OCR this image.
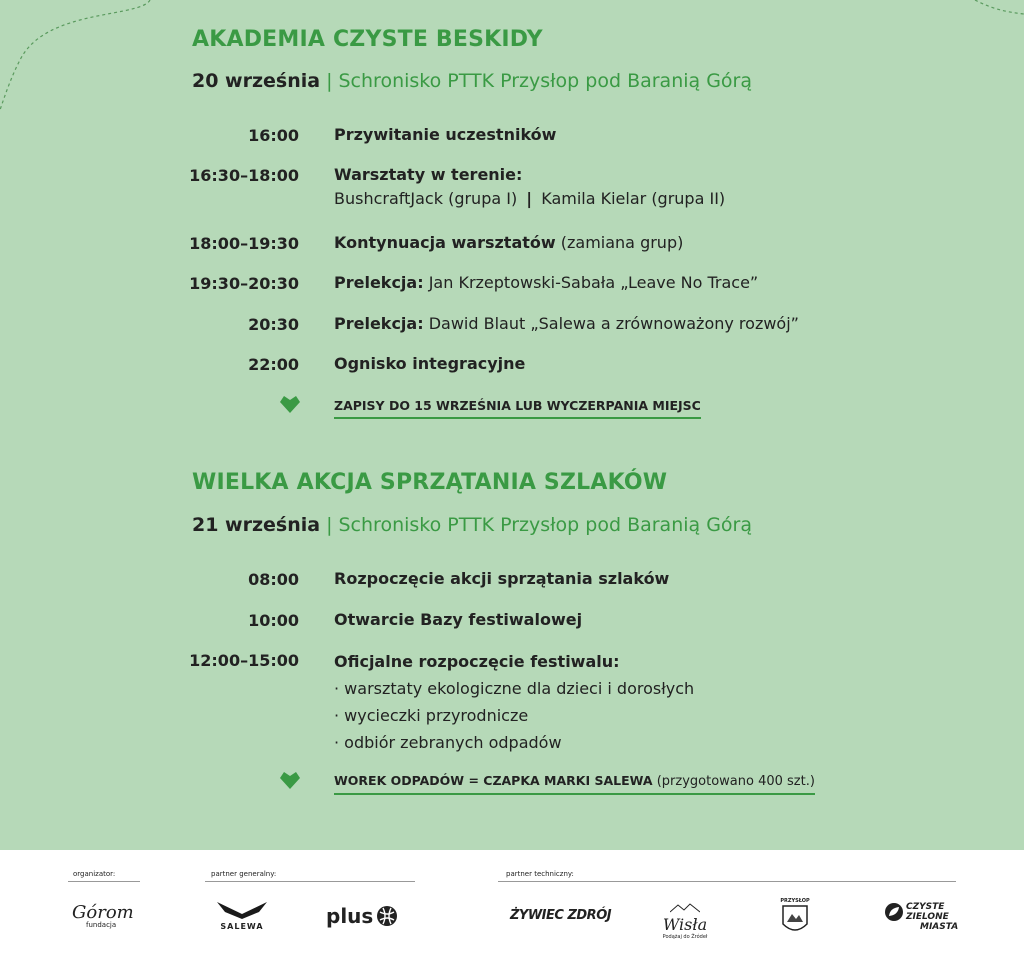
AKADEMIA CZYSTE BESKIDY
20 września | Schronisko PTTK Przysłop pod Baranią Górą
16:00 Przywitanie uczestników
16:30–18:00 Warsztaty w terenie:
BushcraftJack (grupa I) | Kamila Kielar (grupa II)
18:00–19:30 Kontynuacja warsztatów (zamiana grup)
19:30–20:30 Prelekcja: Jan Krzeptowski-Sabała „Leave No Trace”
20:30 Prelekcja: Dawid Blaut „Salewa a zrównoważony rozwój”
22:00 Ognisko integracyjne
ZAPISY DO 15 WRZEŚNIA LUB WYCZERPANIA MIEJSC
WIELKA AKCJA SPRZĄTANIA SZLAKÓW
21 września | Schronisko PTTK Przysłop pod Baranią Górą
08:00 Rozpoczęcie akcji sprzątania szlaków
10:00 Otwarcie Bazy festiwalowej
12:00–15:00 Oficjalne rozpoczęcie festiwalu:
· warsztaty ekologiczne dla dzieci i dorosłych
· wycieczki przyrodnicze
· odbiór zebranych odpadów
WOREK ODPADÓW = CZAPKA MARKI SALEWA (przygotowano 400 szt.)
organizator:	partner generalny:	partner techniczny:
Górom
fundacja	SALEWA	plus	ŻYWIEC ZDRÓJ	Wisła
Podążaj do Źródeł
PRZYSŁOP
CZYSTE
ZIELONE
MIASTA
